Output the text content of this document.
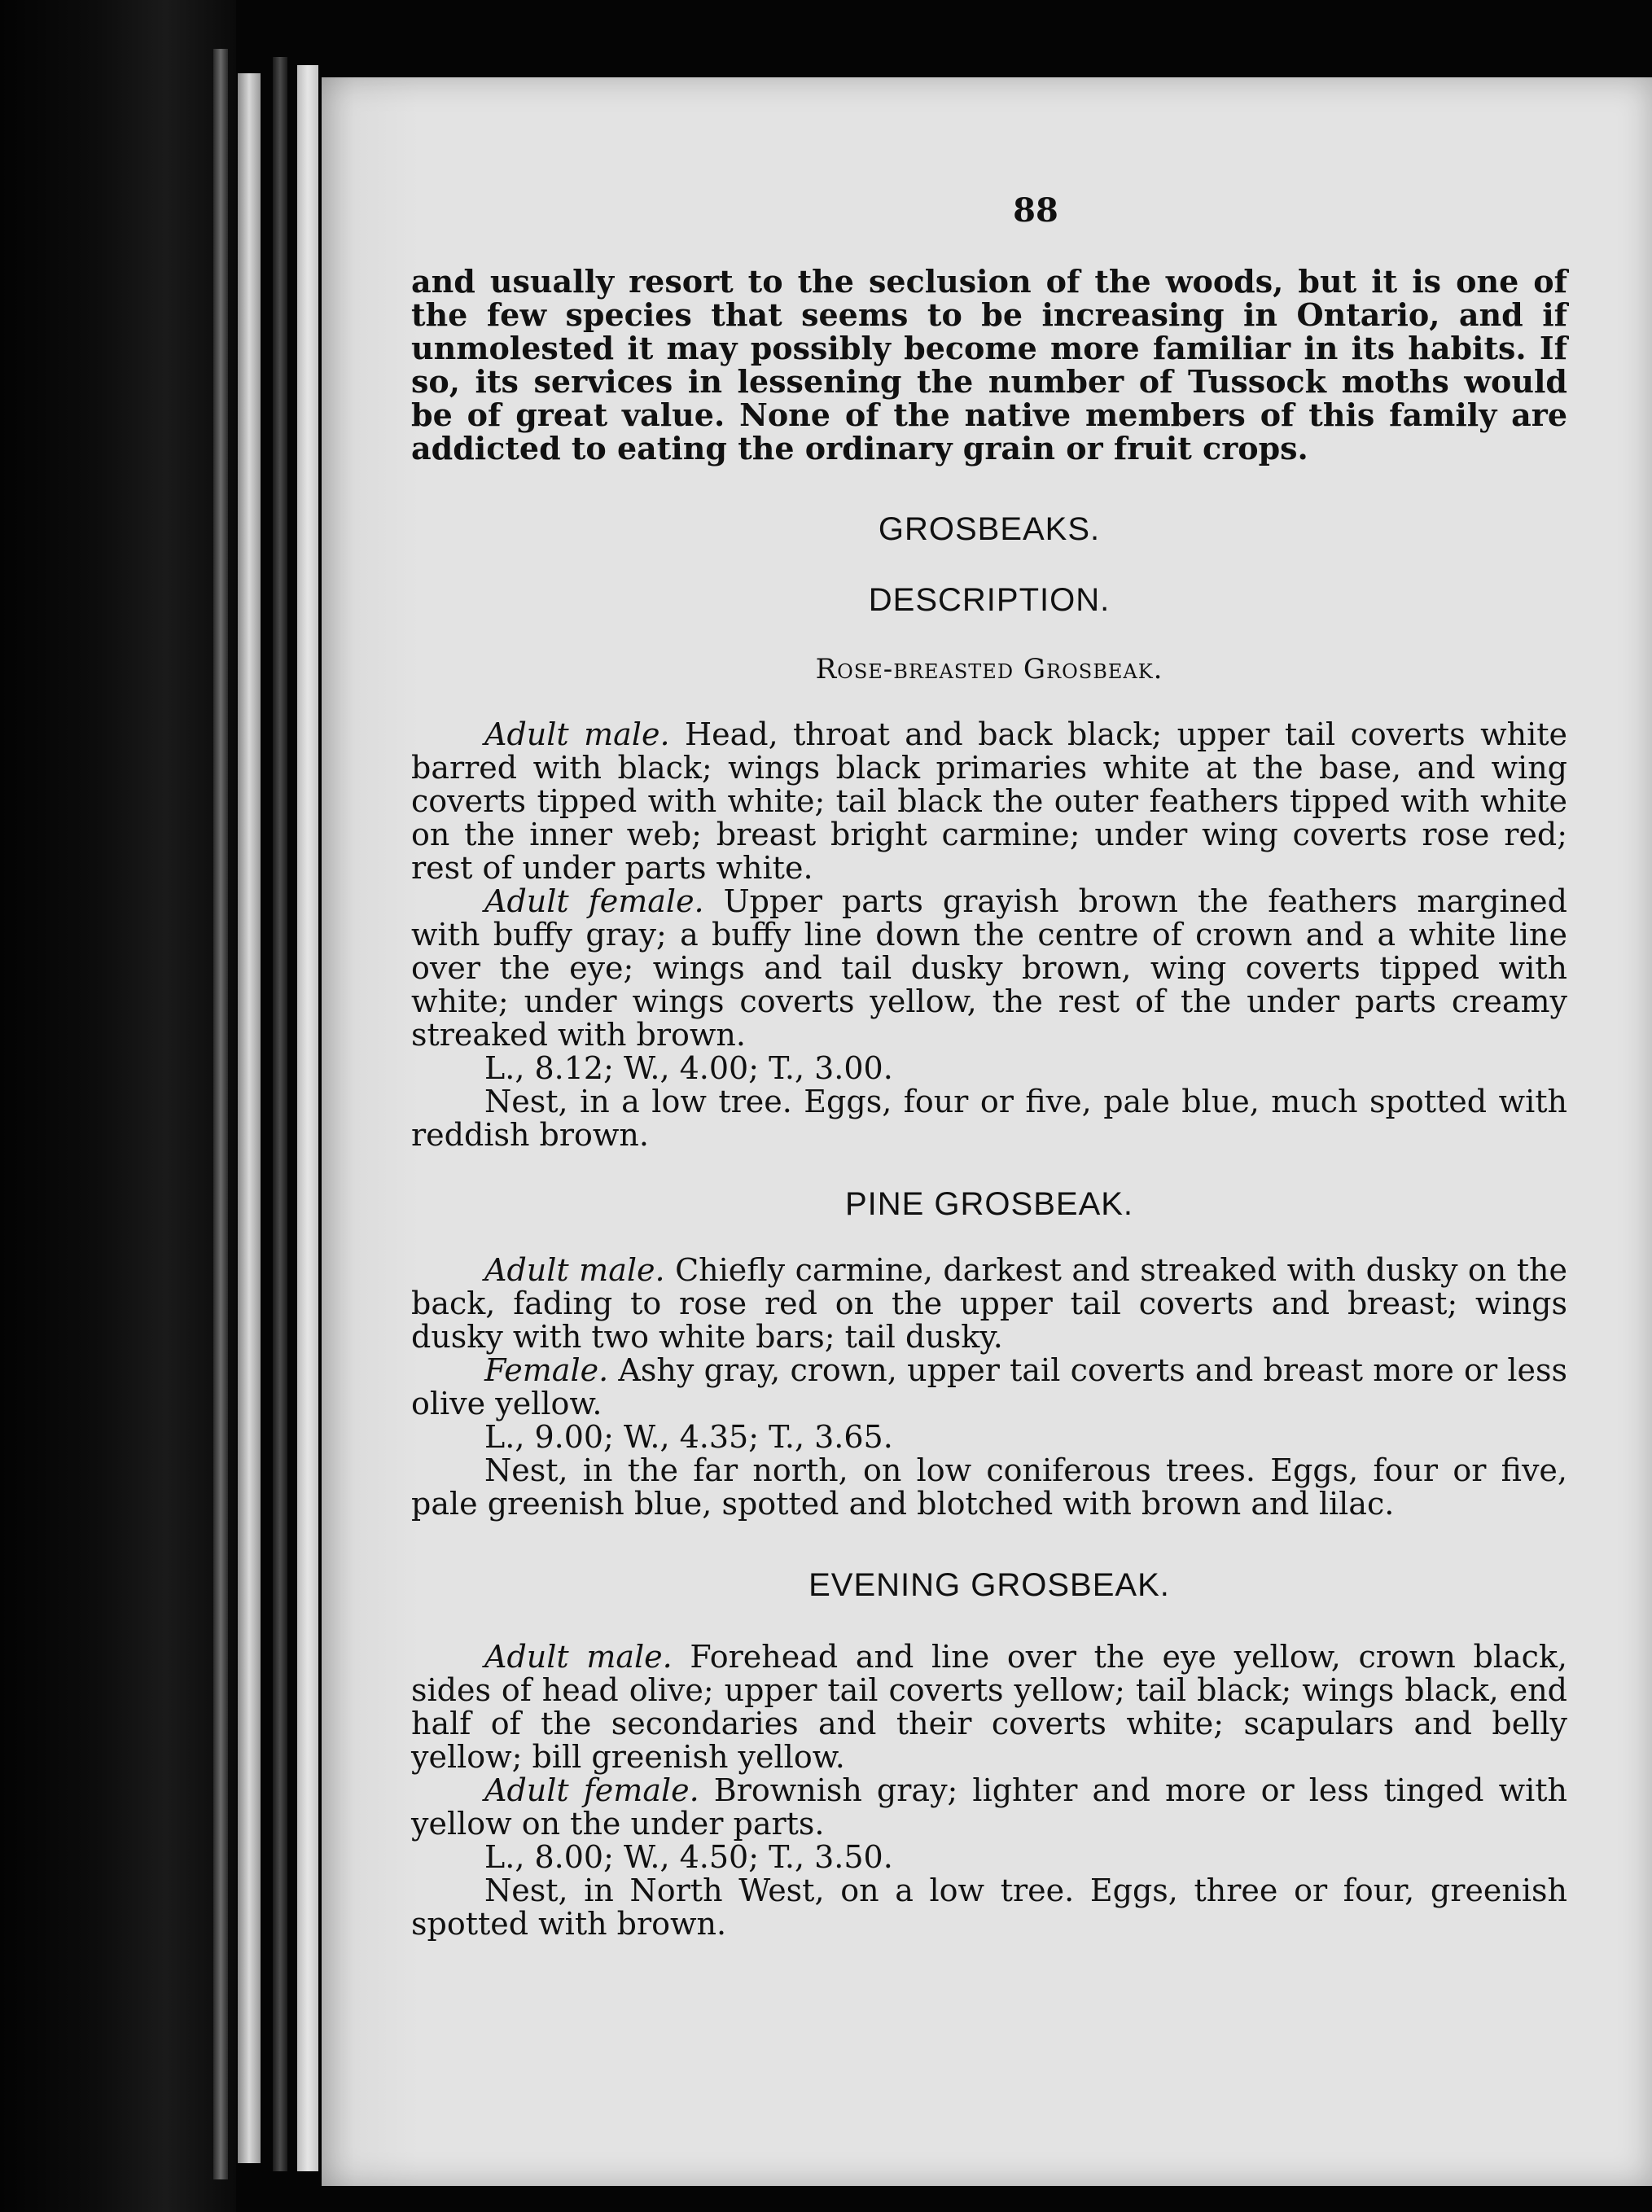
88

and usually resort to the seclusion of the woods, but it is one of the few species that seems to be increasing in Ontario, and if unmolested it may possibly become more familiar in its habits. If so, its services in lessening the number of Tussock moths would be of great value. None of the native members of this family are addicted to eating the ordinary grain or fruit crops.

GROSBEAKS.

DESCRIPTION.

Rose-breasted Grosbeak.

Adult male. Head, throat and back black; upper tail coverts white barred with black; wings black primaries white at the base, and wing coverts tipped with white; tail black the outer feathers tipped with white on the inner web; breast bright carmine; under wing coverts rose red; rest of under parts white.

Adult female. Upper parts grayish brown the feathers margined with buffy gray; a buffy line down the centre of crown and a white line over the eye; wings and tail dusky brown, wing coverts tipped with white; under wings coverts yellow, the rest of the under parts creamy streaked with brown.

L., 8.12; W., 4.00; T., 3.00.

Nest, in a low tree. Eggs, four or five, pale blue, much spotted with reddish brown.

PINE GROSBEAK.

Adult male. Chiefly carmine, darkest and streaked with dusky on the back, fading to rose red on the upper tail coverts and breast; wings dusky with two white bars; tail dusky.

Female. Ashy gray, crown, upper tail coverts and breast more or less olive yellow.

L., 9.00; W., 4.35; T., 3.65.

Nest, in the far north, on low coniferous trees. Eggs, four or five, pale greenish blue, spotted and blotched with brown and lilac.

EVENING GROSBEAK.

Adult male. Forehead and line over the eye yellow, crown black, sides of head olive; upper tail coverts yellow; tail black; wings black, end half of the secondaries and their coverts white; scapulars and belly yellow; bill greenish yellow.

Adult female. Brownish gray; lighter and more or less tinged with yellow on the under parts.

L., 8.00; W., 4.50; T., 3.50.

Nest, in North West, on a low tree. Eggs, three or four, greenish spotted with brown.
